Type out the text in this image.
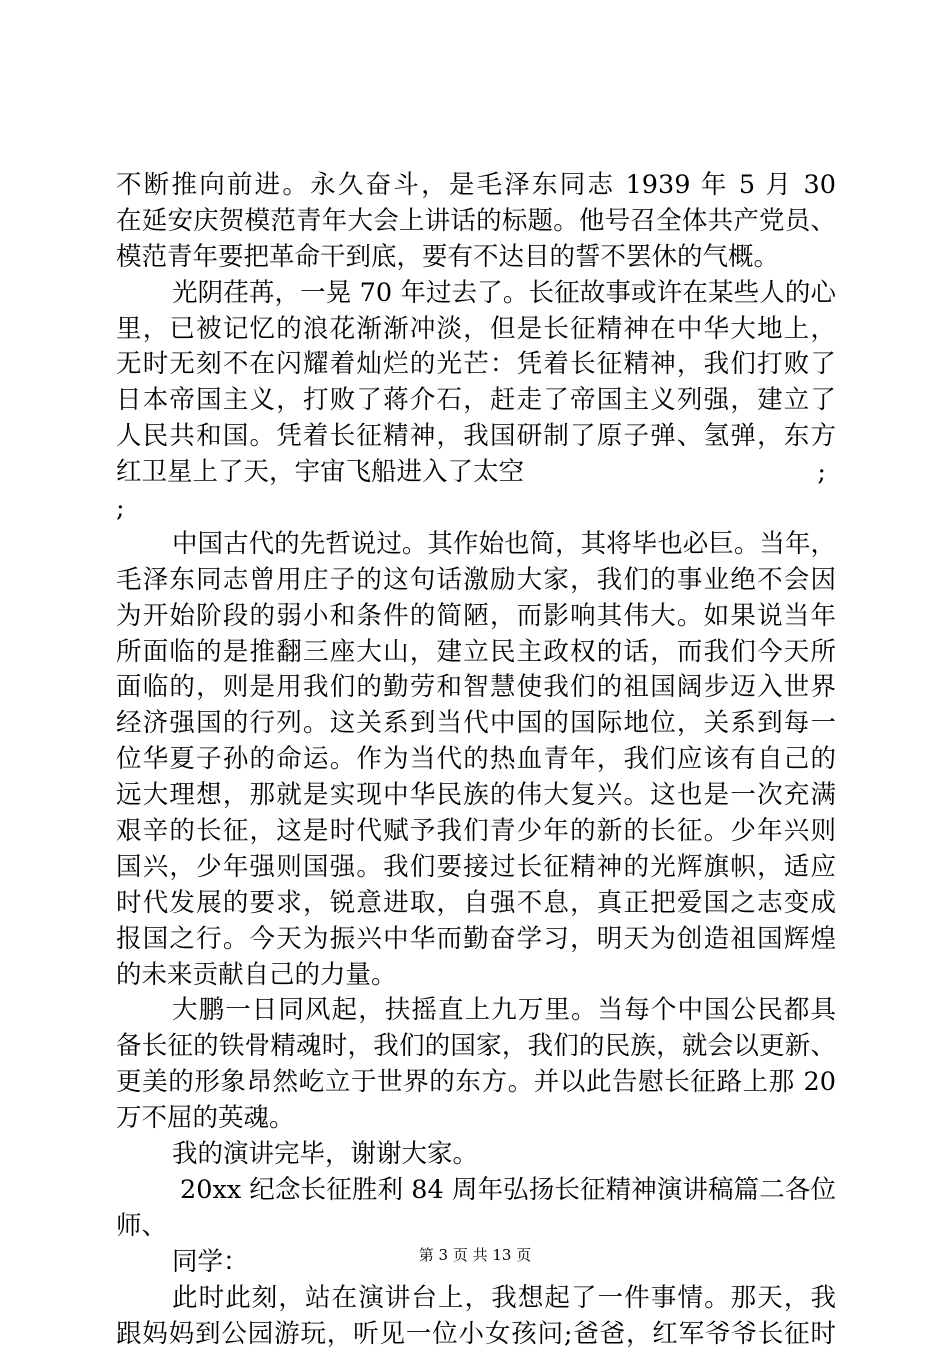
不断推向前进。永久奋斗，是毛泽东同志 1939 年 5 月 30
在延安庆贺模范青年大会上讲话的标题。他号召全体共产党员、
模范青年要把革命干到底，要有不达目的誓不罢休的气概。
光阴荏苒，一晃 70 年过去了。长征故事或许在某些人的心
里，已被记忆的浪花渐渐冲淡，但是长征精神在中华大地上，
无时无刻不在闪耀着灿烂的光芒：凭着长征精神，我们打败了
日本帝国主义，打败了蒋介石，赶走了帝国主义列强，建立了
人民共和国。凭着长征精神，我国研制了原子弹、氢弹，东方
红卫星上了天，宇宙飞船进入了太空	;
;
中国古代的先哲说过。其作始也简，其将毕也必巨。当年，
毛泽东同志曾用庄子的这句话激励大家，我们的事业绝不会因
为开始阶段的弱小和条件的简陋，而影响其伟大。如果说当年
所面临的是推翻三座大山，建立民主政权的话，而我们今天所
面临的，则是用我们的勤劳和智慧使我们的祖国阔步迈入世界
经济强国的行列。这关系到当代中国的国际地位，关系到每一
位华夏子孙的命运。作为当代的热血青年，我们应该有自己的
远大理想，那就是实现中华民族的伟大复兴。这也是一次充满
艰辛的长征，这是时代赋予我们青少年的新的长征。少年兴则
国兴，少年强则国强。我们要接过长征精神的光辉旗帜，适应
时代发展的要求，锐意进取，自强不息，真正把爱国之志变成
报国之行。今天为振兴中华而勤奋学习，明天为创造祖国辉煌
的未来贡献自己的力量。
大鹏一日同风起，扶摇直上九万里。当每个中国公民都具
备长征的铁骨精魂时，我们的国家，我们的民族，就会以更新、
更美的形象昂然屹立于世界的东方。并以此告慰长征路上那 20
万不屈的英魂。
我的演讲完毕，谢谢大家。
20xx 纪念长征胜利 84 周年弘扬长征精神演讲稿篇二各位
师、
同学：
此时此刻，站在演讲台上，我想起了一件事情。那天，我
跟妈妈到公园游玩，听见一位小女孩问;爸爸，红军爷爷长征时
第 3 页 共 13 页
